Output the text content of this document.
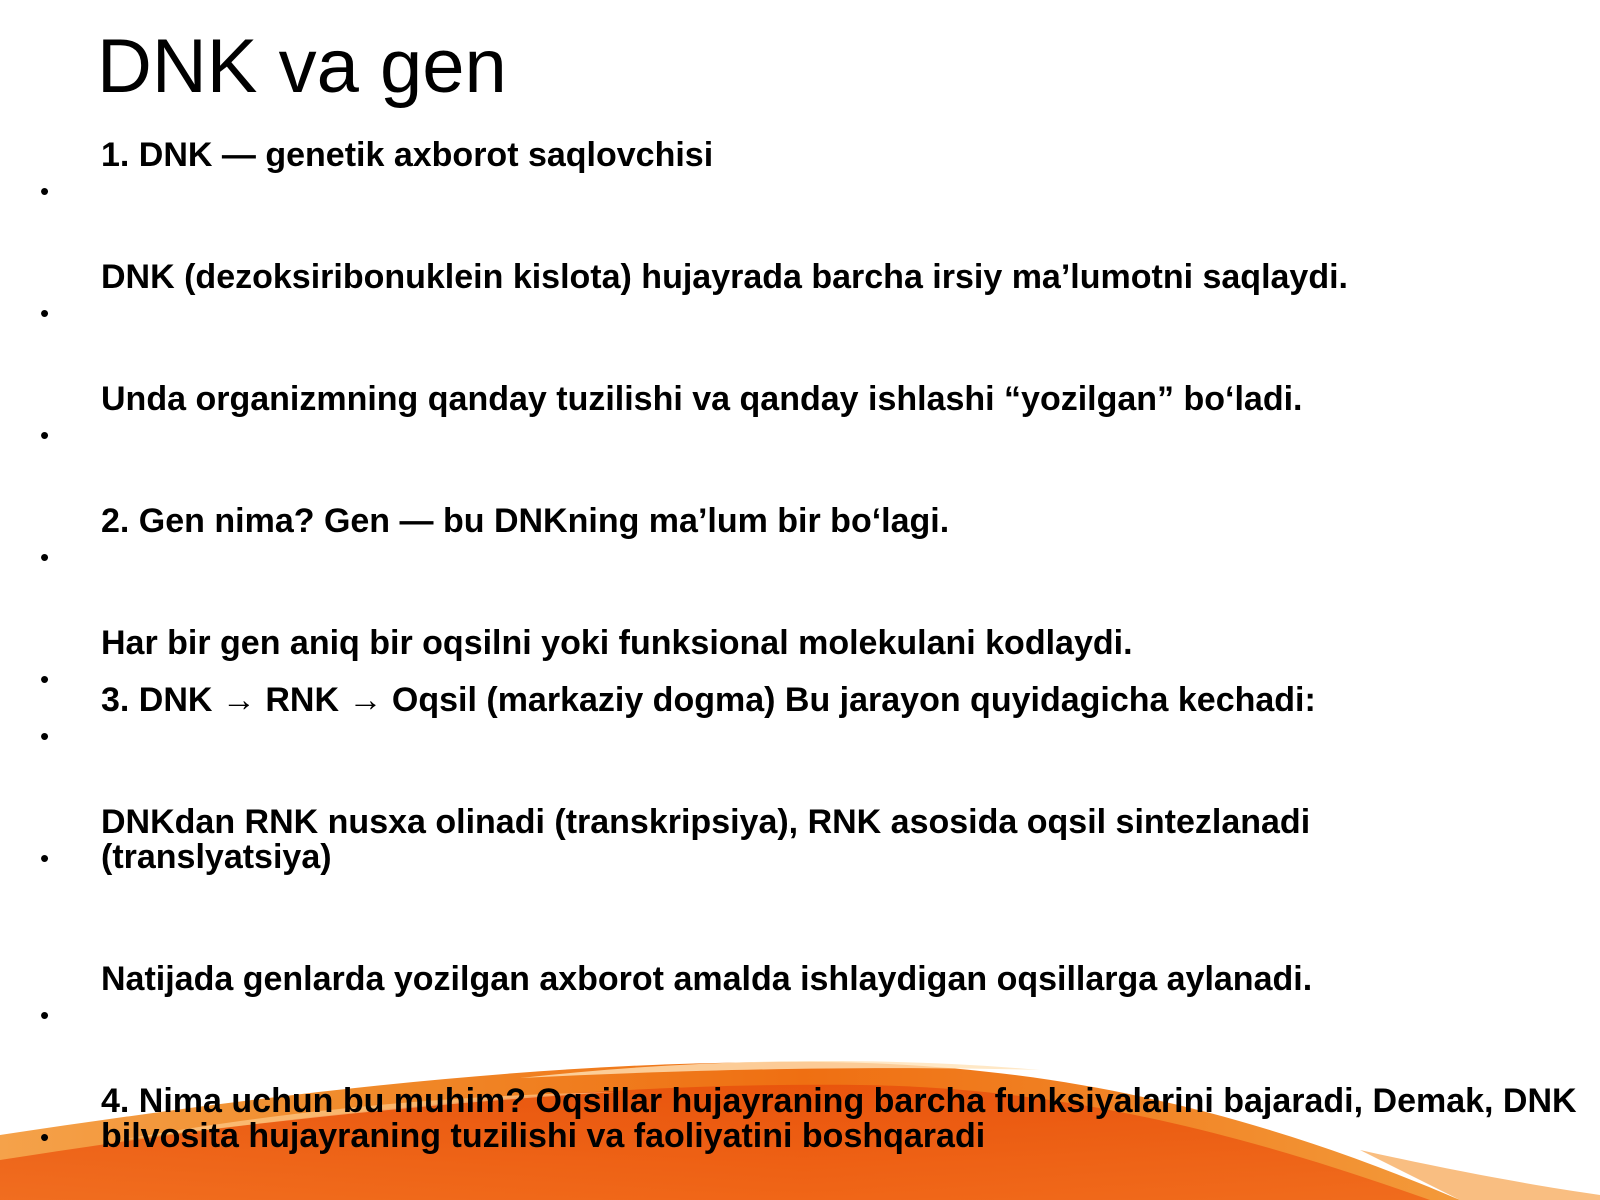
DNK va gen
•

1. DNK — genetik axborot saqlovchisi

•

DNK (dezoksiribonuklein kislota) hujayrada barcha irsiy ma’lumotni saqlaydi.

•

Unda organizmning qanday tuzilishi va qanday ishlashi “yozilgan” bo‘ladi.

•

2. Gen nima? Gen — bu DNKning ma’lum bir bo‘lagi.

•

Har bir gen aniq bir oqsilni yoki funksional molekulani kodlaydi.

•

3. DNK → RNK → Oqsil (markaziy dogma) Bu jarayon quyidagicha kechadi:

•

DNKdan RNK nusxa olinadi (transkripsiya), RNK asosida oqsil sintezlanadi (translyatsiya)

•

Natijada genlarda yozilgan axborot amalda ishlaydigan oqsillarga aylanadi.

•

4. Nima uchun bu muhim? Oqsillar hujayraning barcha funksiyalarini bajaradi, Demak, DNK bilvosita hujayraning tuzilishi va faoliyatini boshqaradi
